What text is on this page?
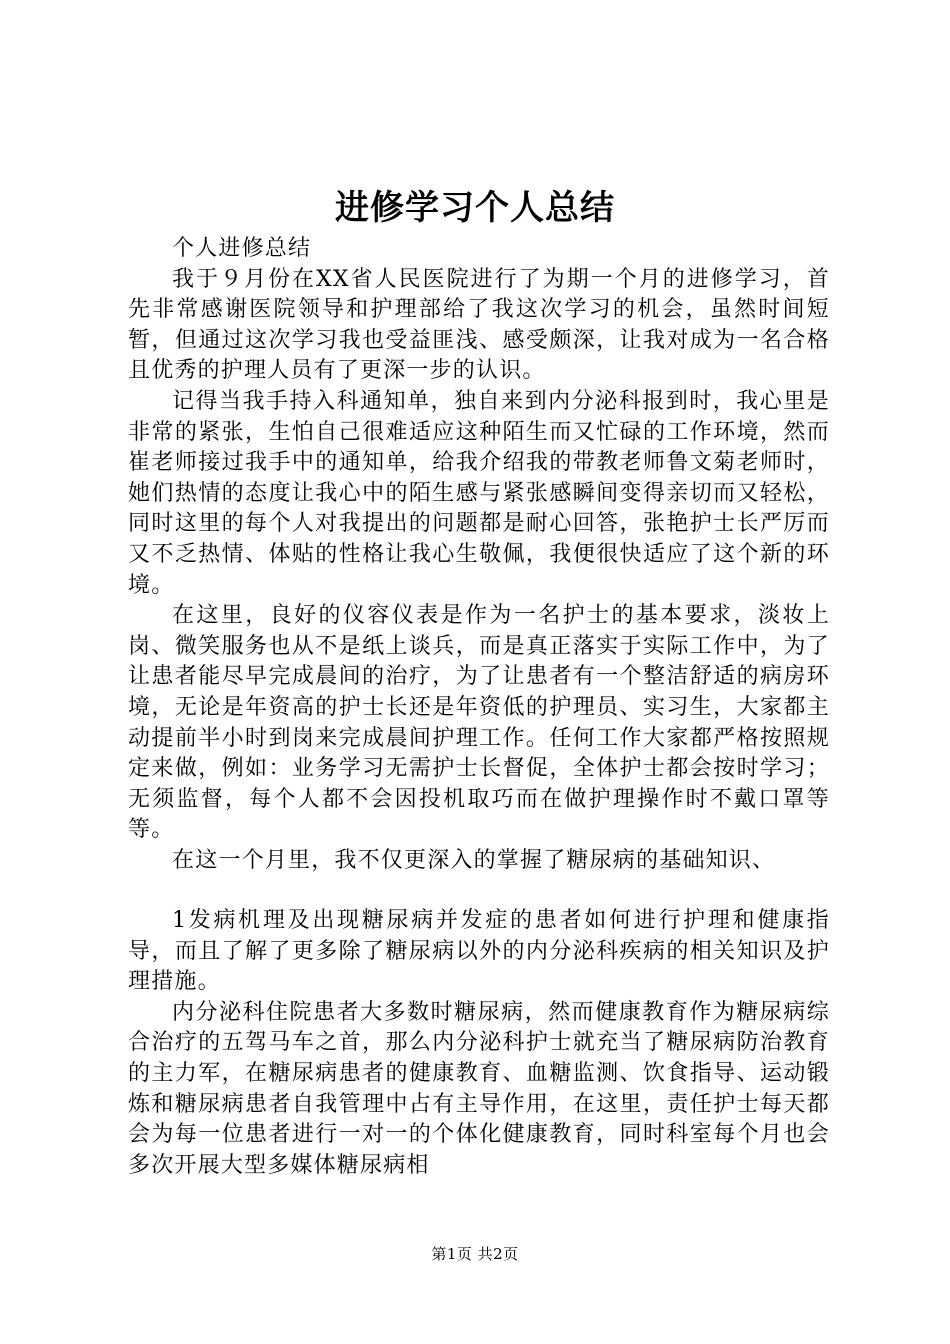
进修学习个人总结

个人进修总结

我于９月份在XX省人民医院进行了为期一个月的进修学习，首先非常感谢医院领导和护理部给了我这次学习的机会，虽然时间短暂，但通过这次学习我也受益匪浅、感受颇深，让我对成为一名合格且优秀的护理人员有了更深一步的认识。

记得当我手持入科通知单，独自来到内分泌科报到时，我心里是非常的紧张，生怕自己很难适应这种陌生而又忙碌的工作环境，然而崔老师接过我手中的通知单，给我介绍我的带教老师鲁文菊老师时，她们热情的态度让我心中的陌生感与紧张感瞬间变得亲切而又轻松，同时这里的每个人对我提出的问题都是耐心回答，张艳护士长严厉而又不乏热情、体贴的性格让我心生敬佩，我便很快适应了这个新的环境。

在这里，良好的仪容仪表是作为一名护士的基本要求，淡妆上岗、微笑服务也从不是纸上谈兵，而是真正落实于实际工作中，为了让患者能尽早完成晨间的治疗，为了让患者有一个整洁舒适的病房环境，无论是年资高的护士长还是年资低的护理员、实习生，大家都主动提前半小时到岗来完成晨间护理工作。任何工作大家都严格按照规定来做，例如：业务学习无需护士长督促，全体护士都会按时学习；无须监督，每个人都不会因投机取巧而在做护理操作时不戴口罩等等。

在这一个月里，我不仅更深入的掌握了糖尿病的基础知识、

1发病机理及出现糖尿病并发症的患者如何进行护理和健康指导，而且了解了更多除了糖尿病以外的内分泌科疾病的相关知识及护理措施。

内分泌科住院患者大多数时糖尿病，然而健康教育作为糖尿病综合治疗的五驾马车之首，那么内分泌科护士就充当了糖尿病防治教育的主力军，在糖尿病患者的健康教育、血糖监测、饮食指导、运动锻炼和糖尿病患者自我管理中占有主导作用，在这里，责任护士每天都会为每一位患者进行一对一的个体化健康教育，同时科室每个月也会多次开展大型多媒体糖尿病相

第1页 共2页
